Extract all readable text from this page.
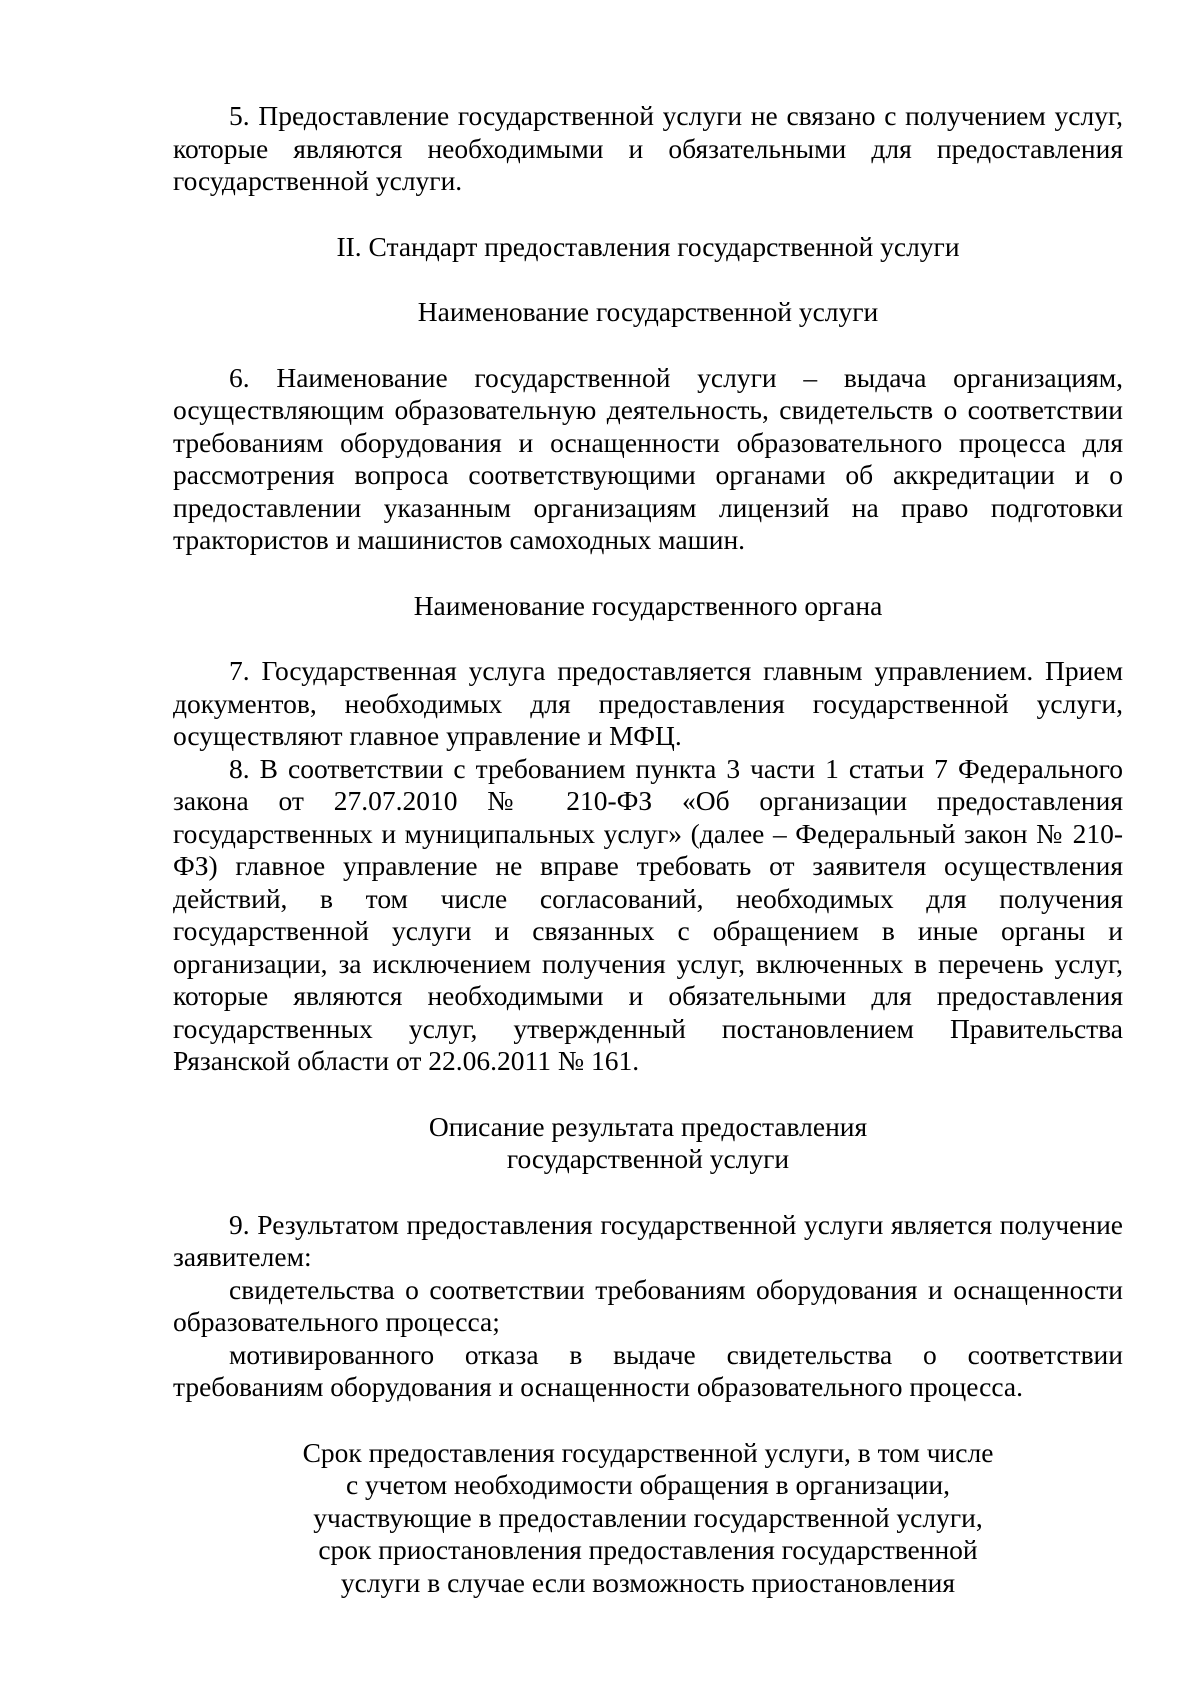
5. Предоставление государственной услуги не связано с получением услуг, которые являются необходимыми и обязательными для предоставления государственной услуги.

II. Стандарт предоставления государственной услуги

Наименование государственной услуги

6. Наименование государственной услуги – выдача организациям, осуществляющим образовательную деятельность, свидетельств о соответствии требованиям оборудования и оснащенности образовательного процесса для рассмотрения вопроса соответствующими органами об аккредитации и о предоставлении указанным организациям лицензий на право подготовки трактористов и машинистов самоходных машин.

Наименование государственного органа

7. Государственная услуга предоставляется главным управлением. Прием документов, необходимых для предоставления государственной услуги, осуществляют главное управление и МФЦ.

8. В соответствии с требованием пункта 3 части 1 статьи 7 Федерального закона от 27.07.2010 № 210-ФЗ «Об организации предоставления государственных и муниципальных услуг» (далее – Федеральный закон № 210-ФЗ) главное управление не вправе требовать от заявителя осуществления действий, в том числе согласований, необходимых для получения государственной услуги и связанных с обращением в иные органы и организации, за исключением получения услуг, включенных в перечень услуг, которые являются необходимыми и обязательными для предоставления государственных услуг, утвержденный постановлением Правительства Рязанской области от 22.06.2011 № 161.

Описание результата предоставления
государственной услуги

9. Результатом предоставления государственной услуги является получение заявителем:

свидетельства о соответствии требованиям оборудования и оснащенности образовательного процесса;

мотивированного отказа в выдаче свидетельства о соответствии требованиям оборудования и оснащенности образовательного процесса.

Срок предоставления государственной услуги, в том числе
с учетом необходимости обращения в организации,
участвующие в предоставлении государственной услуги,
срок приостановления предоставления государственной
услуги в случае если возможность приостановления
